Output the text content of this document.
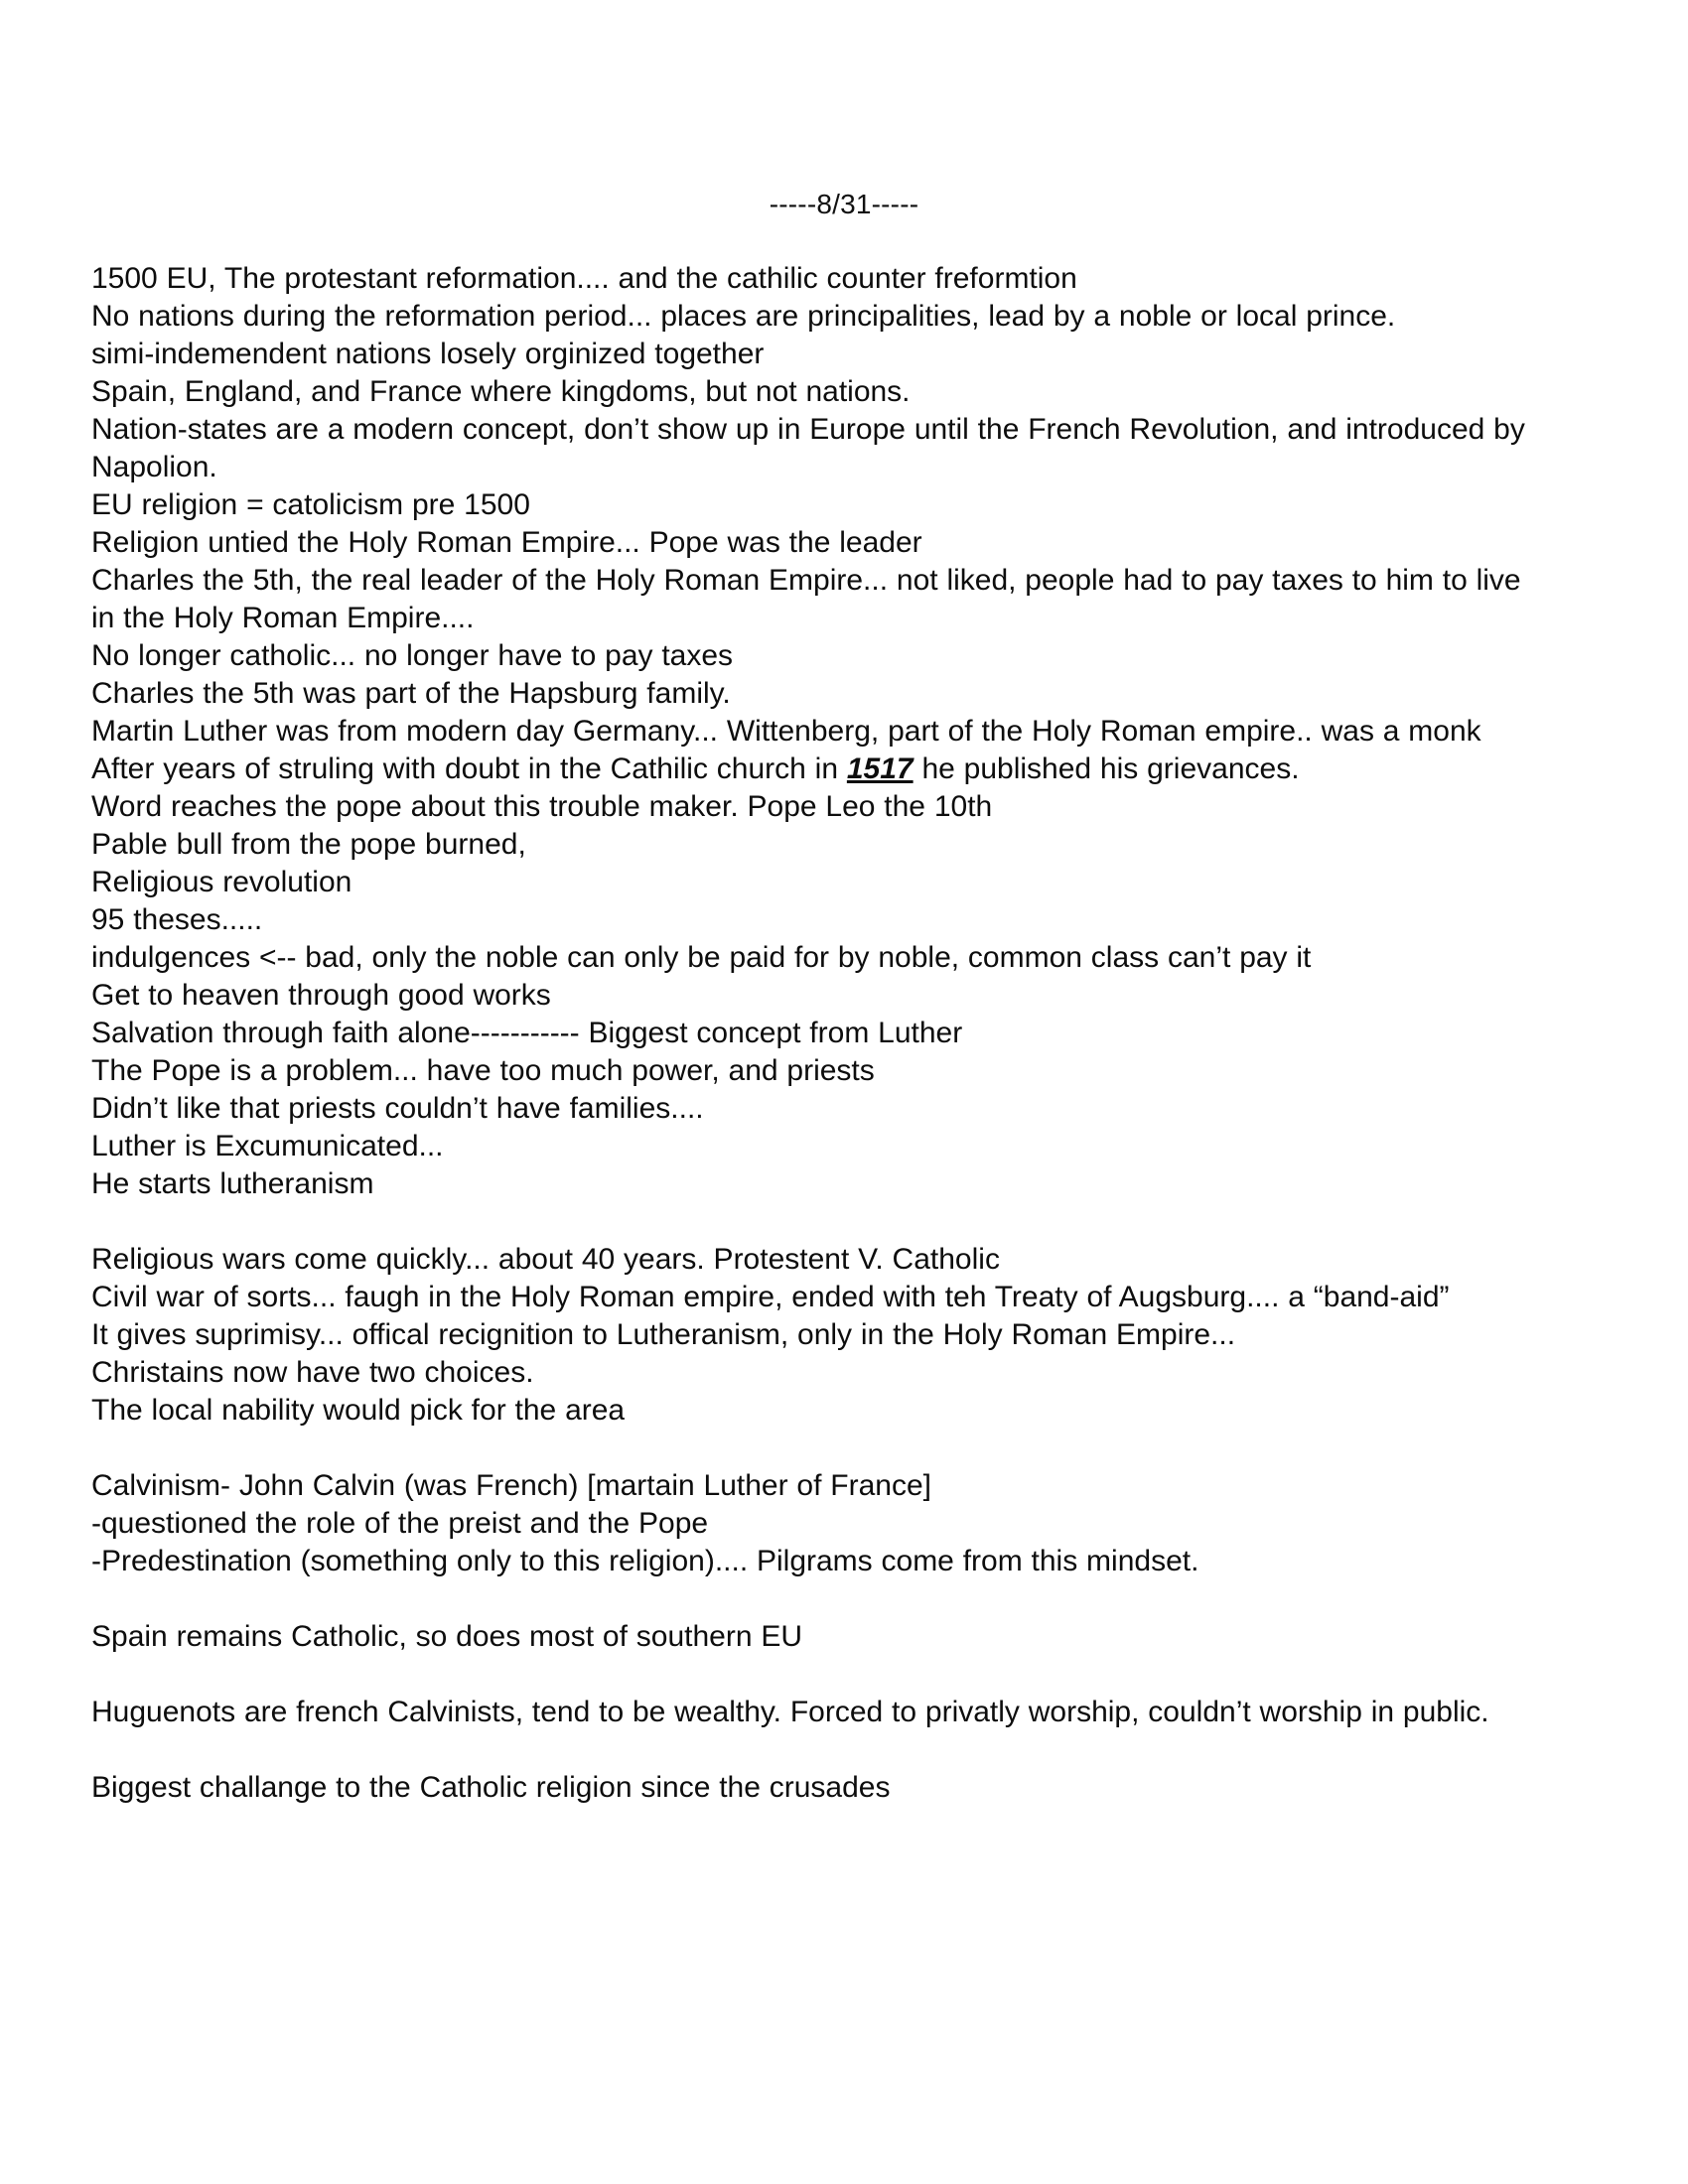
-----8/31-----

1500 EU, The protestant reformation.... and the cathilic counter freformtion

No nations during the reformation period... places are principalities, lead by a noble or local prince.

simi-indemendent nations losely orginized together

Spain, England, and France where kingdoms, but not nations.

Nation-states are a modern concept, don’t show up in Europe until the French Revolution, and introduced by Napolion.

EU religion = catolicism pre 1500

Religion untied the Holy Roman Empire... Pope was the leader

Charles the 5th, the real leader of the Holy Roman Empire... not liked, people had to pay taxes to him to live in the Holy Roman Empire....

No longer catholic... no longer have to pay taxes

Charles the 5th was part of the Hapsburg family.

Martin Luther was from modern day Germany... Wittenberg, part of the Holy Roman empire.. was a monk

After years of struling with doubt in the Cathilic church in 1517 he published his grievances.

Word reaches the pope about this trouble maker. Pope Leo the 10th

Pable bull from the pope burned,

Religious revolution

95 theses.....

indulgences <-- bad, only the noble can only be paid for by noble, common class can’t pay it

Get to heaven through good works

Salvation through faith alone----------- Biggest concept from Luther

The Pope is a problem... have too much power, and priests

Didn’t like that priests couldn’t have families....

Luther is Excumunicated...

He starts lutheranism

Religious wars come quickly... about 40 years. Protestent V. Catholic

Civil war of sorts... faugh in the Holy Roman empire, ended with teh Treaty of Augsburg.... a “band-aid”

It gives suprimisy... offical recignition to Lutheranism, only in the Holy Roman Empire...

Christains now have two choices.

The local nability would pick for the area

Calvinism- John Calvin (was French) [martain Luther of France]

-questioned the role of the preist and the Pope

-Predestination (something only to this religion).... Pilgrams come from this mindset.

Spain remains Catholic, so does most of southern EU

Huguenots are french Calvinists, tend to be wealthy. Forced to privatly worship, couldn’t worship in public.

Biggest challange to the Catholic religion since the crusades
